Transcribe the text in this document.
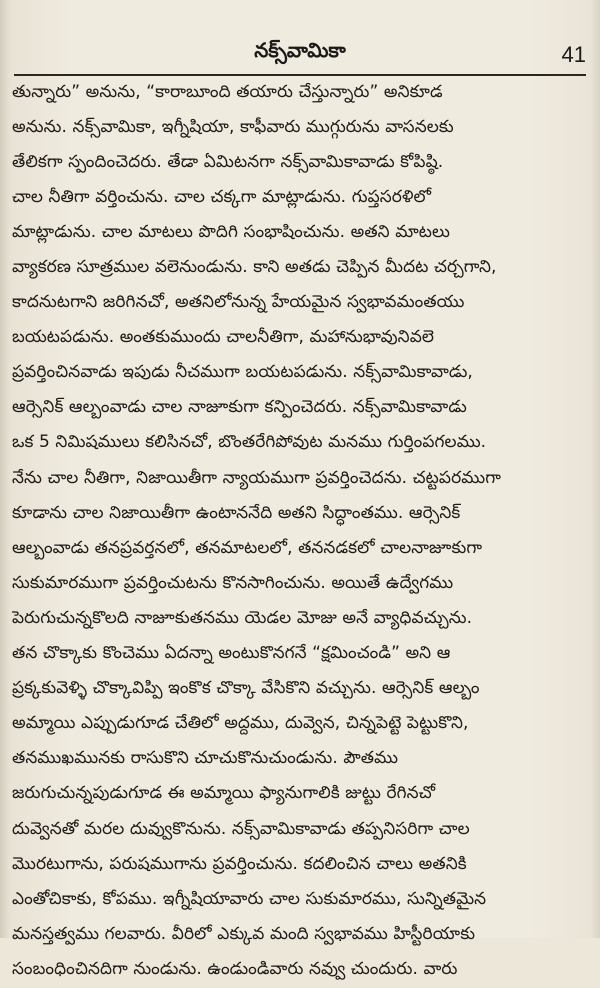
నక్స్‌వామికా	41
తున్నారు” అనును, “కారాబూంది తయారు చేస్తున్నారు” అనికూడ
అనును. నక్స్‌వామికా, ఇగ్నీషియా, కాఫీవారు ముగ్గురును వాసనలకు
తేలికగా స్పందించెదరు. తేడా ఏమిటనగా నక్స్‌వామికావాడు కోపిష్ఠి.
చాల నీతిగా వర్తించును. చాల చక్కగా మాట్లాడును. గుప్తసరళిలో
మాట్లాడును. చాల మాటలు పొదిగి సంభాషించును. అతని మాటలు
వ్యాకరణ సూత్రముల వలెనుండును. కాని అతడు చెప్పిన మీదట చర్చగాని,
కాదనుటగాని జరిగినచో, అతనిలోనున్న హేయమైన స్వభావమంతయు
బయటపడును. అంతకుముందు చాలనీతిగా, మహానుభావునివలె
ప్రవర్తించినవాడు ఇపుడు నీచముగా బయటపడును. నక్స్‌వామికావాడు,
ఆర్సెనిక్ ఆల్బంవాడు చాల నాజూకుగా కన్పించెదరు. నక్స్‌వామికావాడు
ఒక 5 నిమిషములు కలిసినచో, బొంతరేగిపోవుట మనము గుర్తింపగలము.
నేను చాల నీతిగా, నిజాయితీగా న్యాయముగా ప్రవర్తించెదను. చట్టపరముగా
కూడాను చాల నిజాయితీగా ఉంటాననేది అతని సిద్ధాంతము. ఆర్సెనిక్
ఆల్బంవాడు తనప్రవర్తనలో, తనమాటలలో, తననడకలో చాలనాజూకుగా
సుకుమారముగా ప్రవర్తించుటను కొనసాగించును. అయితే ఉద్వేగము
పెరుగుచున్నకొలది నాజూకుతనము యెడల మోజు అనే వ్యాధివచ్చును.
తన చొక్కాకు కొంచెము ఏదన్నా అంటుకొనగనే “క్షమించండి” అని ఆ
ప్రక్కకువెళ్ళి చొక్కావిప్పి ఇంకొక చొక్కా వేసికొని వచ్చును. ఆర్సెనిక్ ఆల్బం
అమ్మాయి ఎప్పుడుగూడ చేతిలో అద్దము, దువ్వెన, చిన్నపెట్టె పెట్టుకొని,
తనముఖమునకు రాసుకొని చూచుకొనుచుండును. పౌతము
జరుగుచున్నపుడుగూడ ఈ అమ్మాయి ఫ్యానుగాలికి జుట్టు రేగినచో
దువ్వెనతో మరల దువ్వుకొనును. నక్స్‌వామికావాడు తప్పనిసరిగా చాల
మొరటుగాను, పరుషముగాను ప్రవర్తించును. కదలించిన చాలు అతనికి
ఎంతోచికాకు, కోపము. ఇగ్నీషియావారు చాల సుకుమారము, సున్నితమైన
మనస్తత్వము గలవారు. వీరిలో ఎక్కువ మంది స్వభావము హిస్టీరియాకు
సంబంధించినదిగా నుండును. ఉండుండివారు నవ్వు చుందురు. వారు
